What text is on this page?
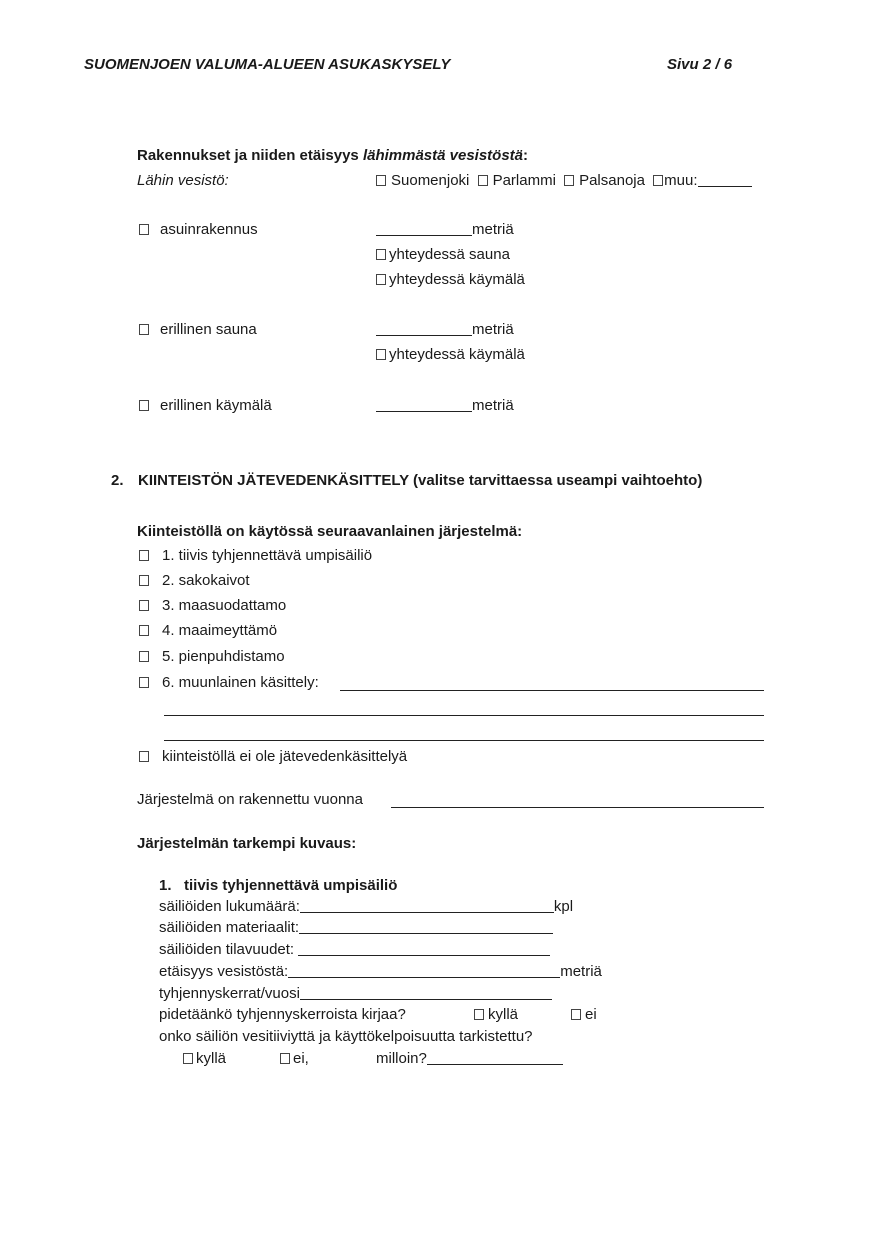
SUOMENJOEN VALUMA-ALUEEN ASUKASKYSELY	Sivu 2 / 6
Rakennukset ja niiden etäisyys lähimmästä vesistöstä:
Lähin vesistö:	Suomenjoki Parlammi Palsanoja muu:
asuinrakennus	metriä
yhteydessä sauna
yhteydessä käymälä
erillinen sauna	metriä
yhteydessä käymälä
erillinen käymälä	metriä
2. KIINTEISTÖN JÄTEVEDENKÄSITTELY (valitse tarvittaessa useampi vaihtoehto)
Kiinteistöllä on käytössä seuraavanlainen järjestelmä:
1. tiivis tyhjennettävä umpisäiliö
2. sakokaivot
3. maasuodattamo
4. maaimeyttämö
5. pienpuhdistamo
6. muunlainen käsittely:
kiinteistöllä ei ole jätevedenkäsittelyä
Järjestelmä on rakennettu vuonna
Järjestelmän tarkempi kuvaus:
1. tiivis tyhjennettävä umpisäiliö
säiliöiden lukumäärä:	kpl
säiliöiden materiaalit:
säiliöiden tilavuudet:
etäisyys vesistöstä:	metriä
tyhjennyskerrat/vuosi
pidetäänkö tyhjennyskerroista kirjaa?	kyllä	ei
onko säiliön vesitiiviyttä ja käyttökelpoisuutta tarkistettu?
kyllä	ei,	milloin?
